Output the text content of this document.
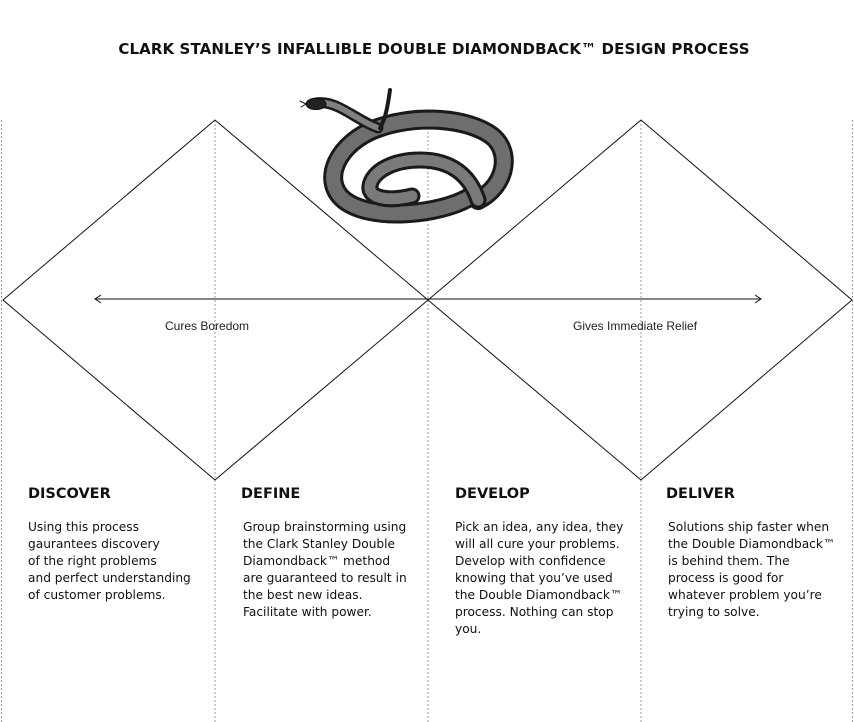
CLARK STANLEY’S INFALLIBLE DOUBLE DIAMONDBACK™ DESIGN PROCESS
Cures Boredom	Gives Immediate Relief
DISCOVER

Using this process
gaurantees discovery
of the right problems
and perfect understanding
of customer problems.

DEFINE

Group brainstorming using
the Clark Stanley Double
Diamondback™ method
are guaranteed to result in
the best new ideas.
Facilitate with power.

DEVELOP

Pick an idea, any idea, they
will all cure your problems.
Develop with confidence
knowing that you’ve used
the Double Diamondback™
process. Nothing can stop
you.

DELIVER

Solutions ship faster when
the Double Diamondback™
is behind them. The
process is good for
whatever problem you’re
trying to solve.
